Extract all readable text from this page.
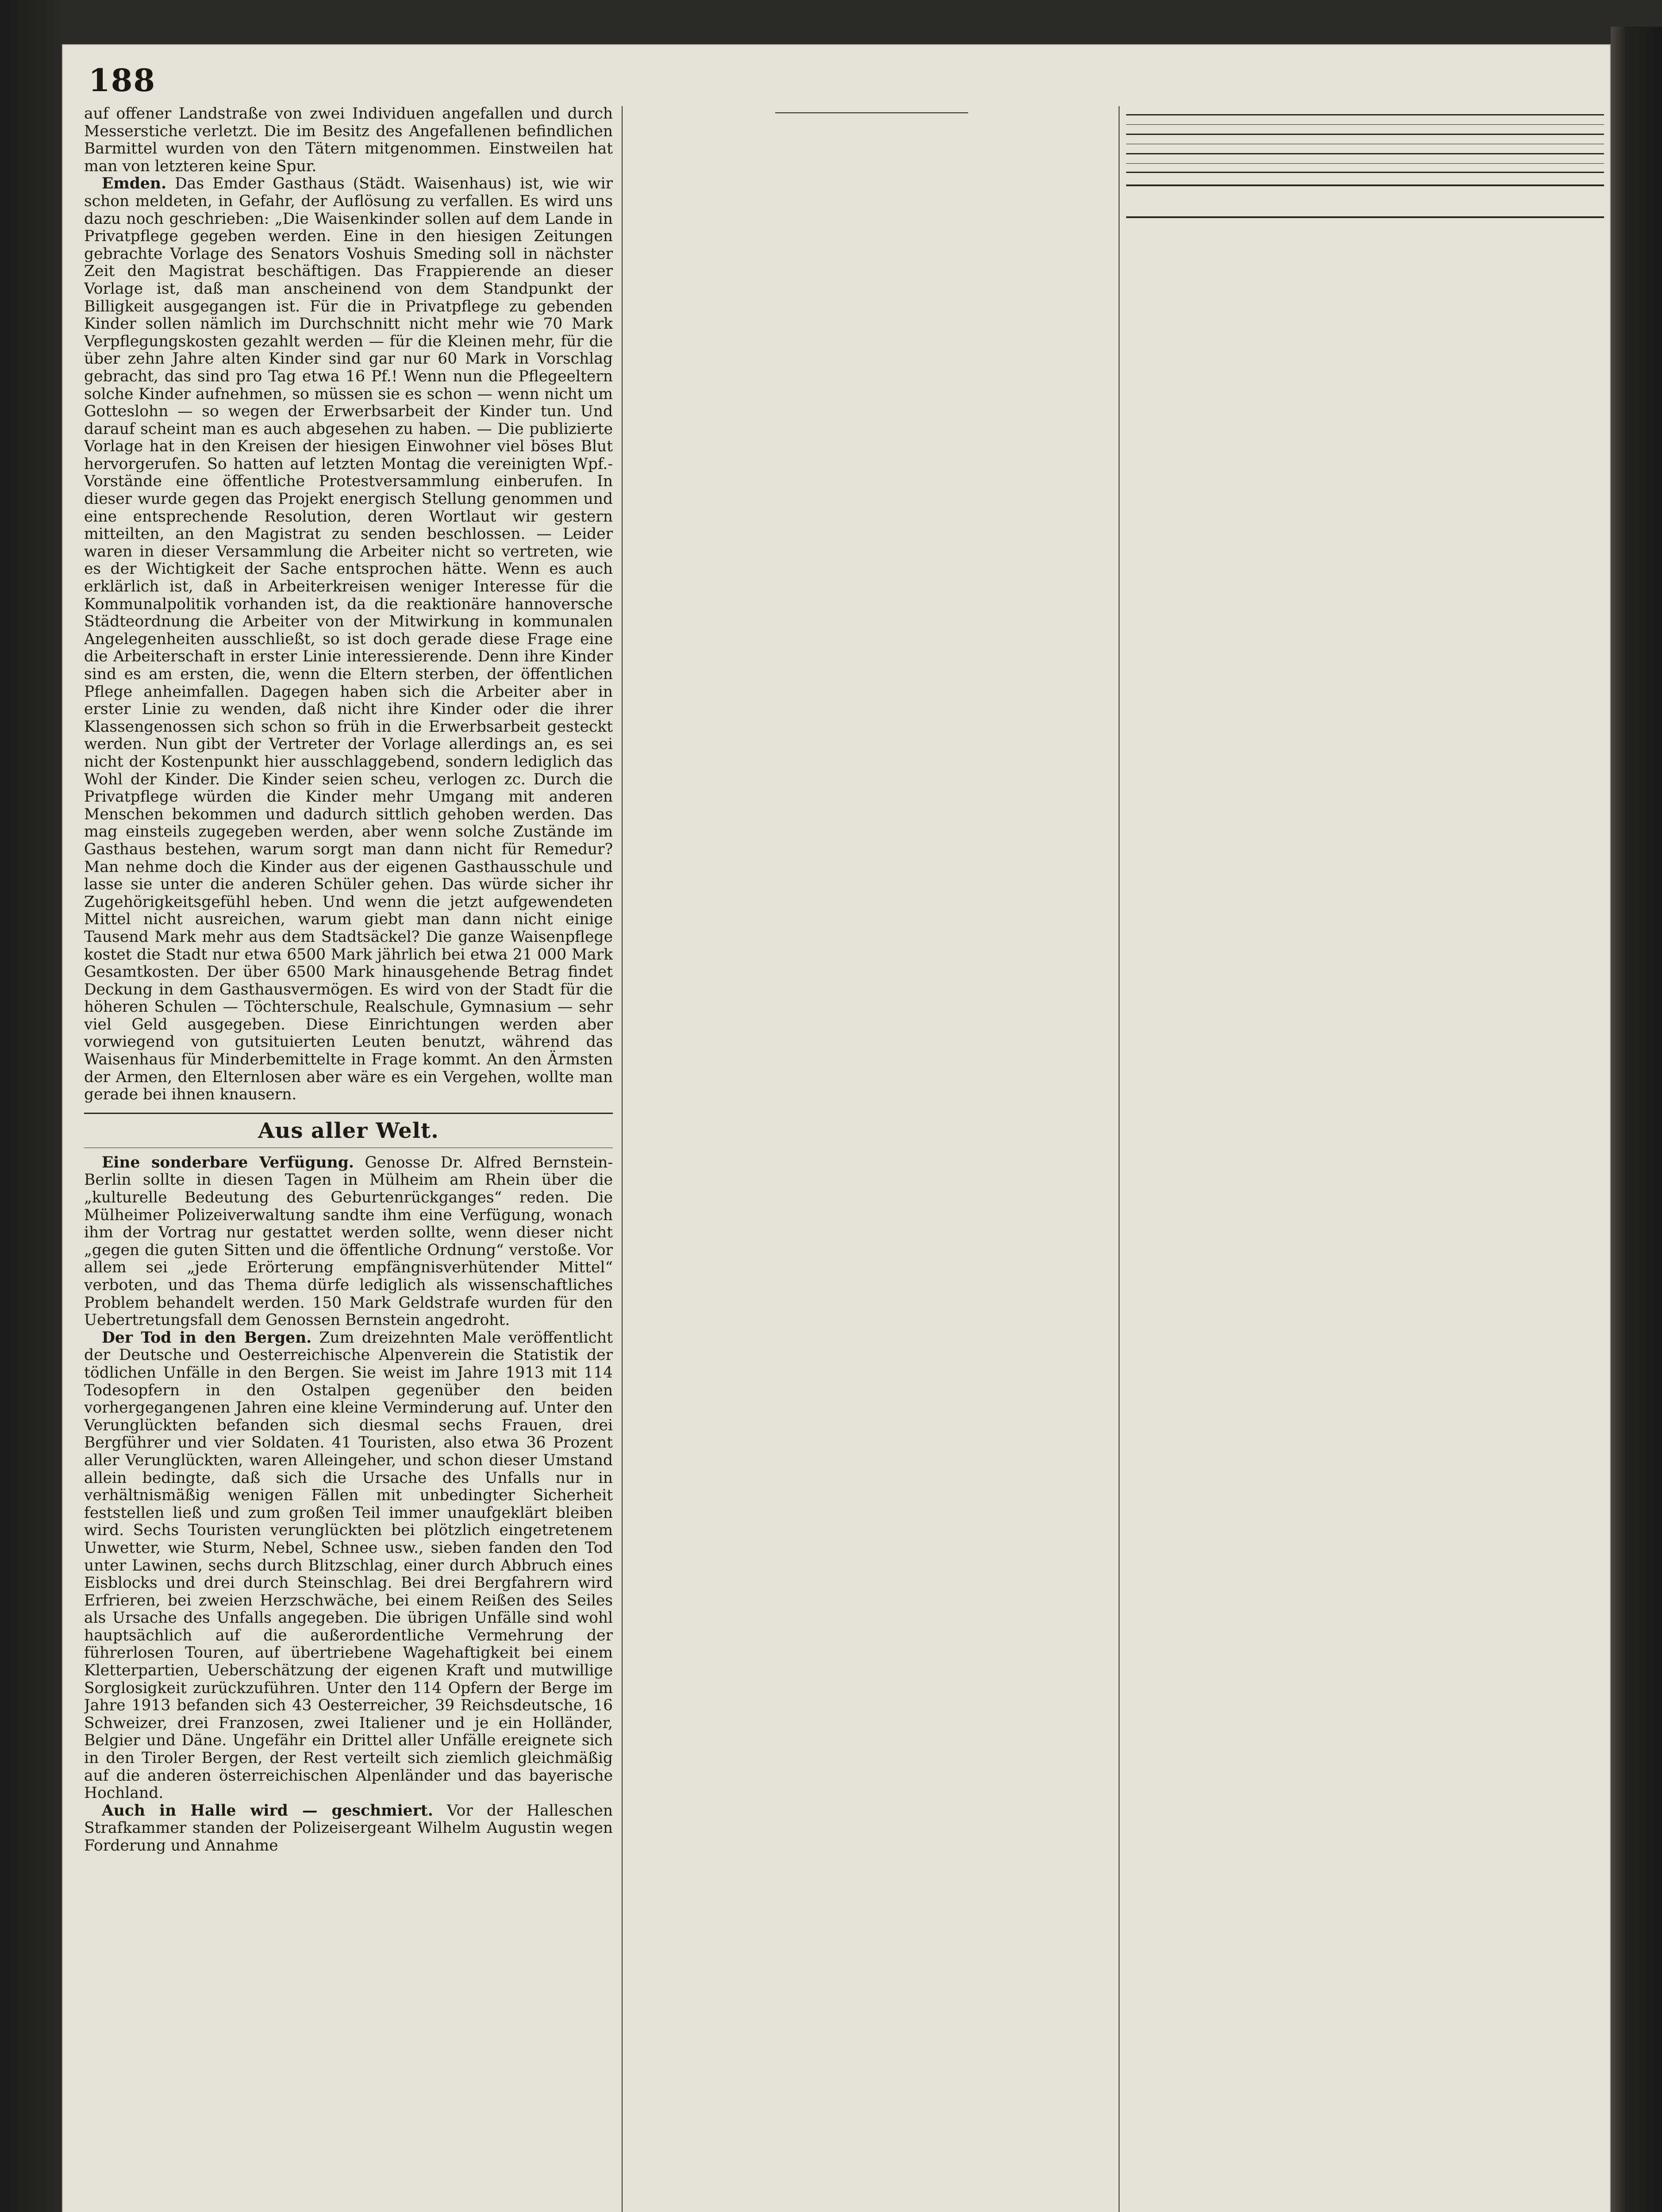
188

auf offener Landstraße von zwei Individuen angefallen und durch Messerstiche verletzt. Die im Besitz des Angefallenen befindlichen Barmittel wurden von den Tätern mitgenommen. Einstweilen hat man von letzteren keine Spur.

Emden. Das Emder Gasthaus (Städt. Waisenhaus) ist, wie wir schon meldeten, in Gefahr, der Auflösung zu verfallen. Es wird uns dazu noch geschrieben: „Die Waisenkinder sollen auf dem Lande in Privatpflege gegeben werden. Eine in den hiesigen Zeitungen gebrachte Vorlage des Senators Voshuis Smeding soll in nächster Zeit den Magistrat beschäftigen. Das Frappierende an dieser Vorlage ist, daß man anscheinend von dem Standpunkt der Billigkeit ausgegangen ist. Für die in Privatpflege zu gebenden Kinder sollen nämlich im Durchschnitt nicht mehr wie 70 Mark Verpflegungskosten gezahlt werden — für die Kleinen mehr, für die über zehn Jahre alten Kinder sind gar nur 60 Mark in Vorschlag gebracht, das sind pro Tag etwa 16 Pf.! Wenn nun die Pflegeeltern solche Kinder aufnehmen, so müssen sie es schon — wenn nicht um Gotteslohn — so wegen der Erwerbsarbeit der Kinder tun. Und darauf scheint man es auch abgesehen zu haben. — Die publizierte Vorlage hat in den Kreisen der hiesigen Einwohner viel böses Blut hervorgerufen. So hatten auf letzten Montag die vereinigten Wpf.-Vorstände eine öffentliche Protestversammlung einberufen. In dieser wurde gegen das Projekt energisch Stellung genommen und eine entsprechende Resolution, deren Wortlaut wir gestern mitteilten, an den Magistrat zu senden beschlossen. — Leider waren in dieser Versammlung die Arbeiter nicht so vertreten, wie es der Wichtigkeit der Sache entsprochen hätte. Wenn es auch erklärlich ist, daß in Arbeiterkreisen weniger Interesse für die Kommunalpolitik vorhanden ist, da die reaktionäre hannoversche Städteordnung die Arbeiter von der Mitwirkung in kommunalen Angelegenheiten ausschließt, so ist doch gerade diese Frage eine die Arbeiterschaft in erster Linie interessierende. Denn ihre Kinder sind es am ersten, die, wenn die Eltern sterben, der öffentlichen Pflege anheimfallen. Dagegen haben sich die Arbeiter aber in erster Linie zu wenden, daß nicht ihre Kinder oder die ihrer Klassengenossen sich schon so früh in die Erwerbsarbeit gesteckt werden. Nun gibt der Vertreter der Vorlage allerdings an, es sei nicht der Kostenpunkt hier ausschlaggebend, sondern lediglich das Wohl der Kinder. Die Kinder seien scheu, verlogen zc. Durch die Privatpflege würden die Kinder mehr Umgang mit anderen Menschen bekommen und dadurch sittlich gehoben werden. Das mag einsteils zugegeben werden, aber wenn solche Zustände im Gasthaus bestehen, warum sorgt man dann nicht für Remedur? Man nehme doch die Kinder aus der eigenen Gasthausschule und lasse sie unter die anderen Schüler gehen. Das würde sicher ihr Zugehörigkeitsgefühl heben. Und wenn die jetzt aufgewendeten Mittel nicht ausreichen, warum giebt man dann nicht einige Tausend Mark mehr aus dem Stadtsäckel? Die ganze Waisenpflege kostet die Stadt nur etwa 6500 Mark jährlich bei etwa 21 000 Mark Gesamtkosten. Der über 6500 Mark hinausgehende Betrag findet Deckung in dem Gasthausvermögen. Es wird von der Stadt für die höheren Schulen — Töchterschule, Realschule, Gymnasium — sehr viel Geld ausgegeben. Diese Einrichtungen werden aber vorwiegend von gutsituierten Leuten benutzt, während das Waisenhaus für Minderbemittelte in Frage kommt. An den Ärmsten der Armen, den Elternlosen aber wäre es ein Vergehen, wollte man gerade bei ihnen knausern.

Aus aller Welt.

Eine sonderbare Verfügung. Genosse Dr. Alfred Bernstein-Berlin sollte in diesen Tagen in Mülheim am Rhein über die „kulturelle Bedeutung des Geburtenrückganges“ reden. Die Mülheimer Polizeiverwaltung sandte ihm eine Verfügung, wonach ihm der Vortrag nur gestattet werden sollte, wenn dieser nicht „gegen die guten Sitten und die öffentliche Ordnung“ verstoße. Vor allem sei „jede Erörterung empfängnisverhütender Mittel“ verboten, und das Thema dürfe lediglich als wissenschaftliches Problem behandelt werden. 150 Mark Geldstrafe wurden für den Uebertretungsfall dem Genossen Bernstein angedroht.

Der Tod in den Bergen. Zum dreizehnten Male veröffentlicht der Deutsche und Oesterreichische Alpenverein die Statistik der tödlichen Unfälle in den Bergen. Sie weist im Jahre 1913 mit 114 Todesopfern in den Ostalpen gegenüber den beiden vorhergegangenen Jahren eine kleine Verminderung auf. Unter den Verunglückten befanden sich diesmal sechs Frauen, drei Bergführer und vier Soldaten. 41 Touristen, also etwa 36 Prozent aller Verunglückten, waren Alleingeher, und schon dieser Umstand allein bedingte, daß sich die Ursache des Unfalls nur in verhältnismäßig wenigen Fällen mit unbedingter Sicherheit feststellen ließ und zum großen Teil immer unaufgeklärt bleiben wird. Sechs Touristen verunglückten bei plötzlich eingetretenem Unwetter, wie Sturm, Nebel, Schnee usw., sieben fanden den Tod unter Lawinen, sechs durch Blitzschlag, einer durch Abbruch eines Eisblocks und drei durch Steinschlag. Bei drei Bergfahrern wird Erfrieren, bei zweien Herzschwäche, bei einem Reißen des Seiles als Ursache des Unfalls angegeben. Die übrigen Unfälle sind wohl hauptsächlich auf die außerordentliche Vermehrung der führerlosen Touren, auf übertriebene Wagehaftigkeit bei einem Kletterpartien, Ueberschätzung der eigenen Kraft und mutwillige Sorglosigkeit zurückzuführen. Unter den 114 Opfern der Berge im Jahre 1913 befanden sich 43 Oesterreicher, 39 Reichsdeutsche, 16 Schweizer, drei Franzosen, zwei Italiener und je ein Holländer, Belgier und Däne. Ungefähr ein Drittel aller Unfälle ereignete sich in den Tiroler Bergen, der Rest verteilt sich ziemlich gleichmäßig auf die anderen österreichischen Alpenländer und das bayerische Hochland.

Auch in Halle wird — geschmiert. Vor der Halleschen Strafkammer standen der Polizeisergeant Wilhelm Augustin wegen Forderung und Annahme
